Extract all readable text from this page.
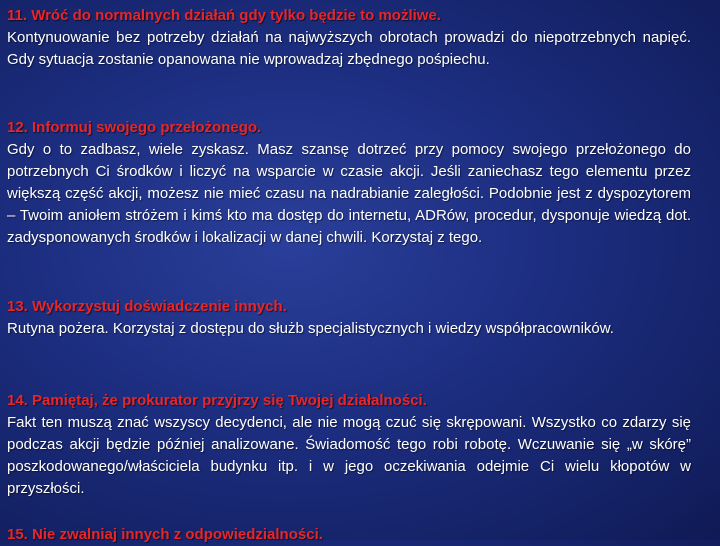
11. Wróć do normalnych działań gdy tylko będzie to możliwe.

Kontynuowanie bez potrzeby działań na najwyższych obrotach prowadzi do niepotrzebnych napięć. Gdy sytuacja zostanie opanowana nie wprowadzaj zbędnego pośpiechu.

12. Informuj swojego przełożonego.

Gdy o to zadbasz, wiele zyskasz. Masz szansę dotrzeć przy pomocy swojego przełożonego do potrzebnych Ci środków i liczyć na wsparcie w czasie akcji. Jeśli zaniechasz tego elementu przez większą część akcji, możesz nie mieć czasu na nadrabianie zaległości. Podobnie jest z dyspozytorem – Twoim aniołem stróżem i kimś kto ma dostęp do internetu, ADRów, procedur, dysponuje wiedzą dot. zadysponowanych środków i lokalizacji w danej chwili. Korzystaj z tego.

13. Wykorzystuj doświadczenie innych.

Rutyna pożera. Korzystaj z dostępu do służb specjalistycznych i wiedzy współpracowników.

14. Pamiętaj, że prokurator przyjrzy się Twojej działalności.

Fakt ten muszą znać wszyscy decydenci, ale nie mogą czuć się skrępowani. Wszystko co zdarzy się podczas akcji będzie później analizowane. Świadomość tego robi robotę. Wczuwanie się „w skórę” poszkodowanego/właściciela budynku itp. i w jego oczekiwania odejmie Ci wielu kłopotów w przyszłości.

15. Nie zwalniaj innych z odpowiedzialności.
